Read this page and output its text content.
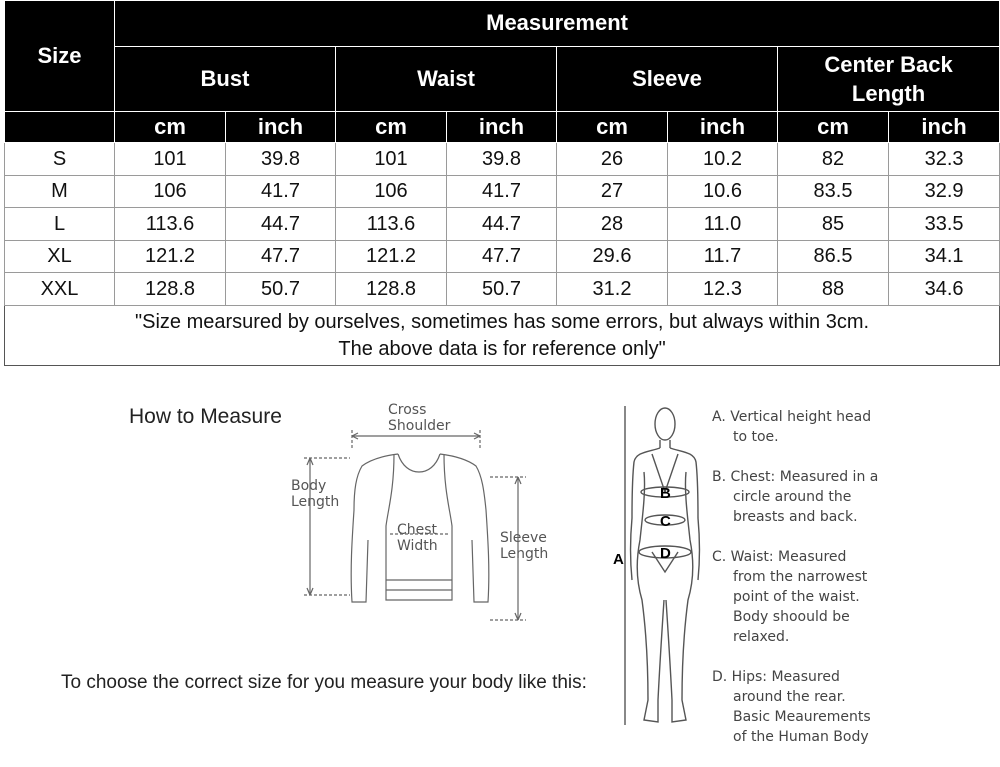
Size	Measurement							
	Bust		Waist		Sleeve		Center Back
Length	

	cm	inch	cm	inch	cm	inch	cm	inch
S	101	39.8	101	39.8	26	10.2	82	32.3
M	106	41.7	106	41.7	27	10.6	83.5	32.9
L	113.6	44.7	113.6	44.7	28	11.0	85	33.5
XL	121.2	47.7	121.2	47.7	29.6	11.7	86.5	34.1
XXL	128.8	50.7	128.8	50.7	31.2	12.3	88	34.6

"Size mearsured by ourselves, sometimes has some errors, but always within 3cm.
The above data is for reference only"								
How to Measure	Cross
Shoulder
Body
Length
Chest
Width	Sleeve
Length	A
B
C
D
A. Vertical height head
to toe.
B. Chest: Measured in a
circle around the
breasts and back.
C. Waist: Measured
from the narrowest
point of the waist.
Body shoould be
relaxed.
D. Hips: Measured
around the rear.
Basic Meaurements
of the Human Body
To choose the correct size for you measure your body like this:
